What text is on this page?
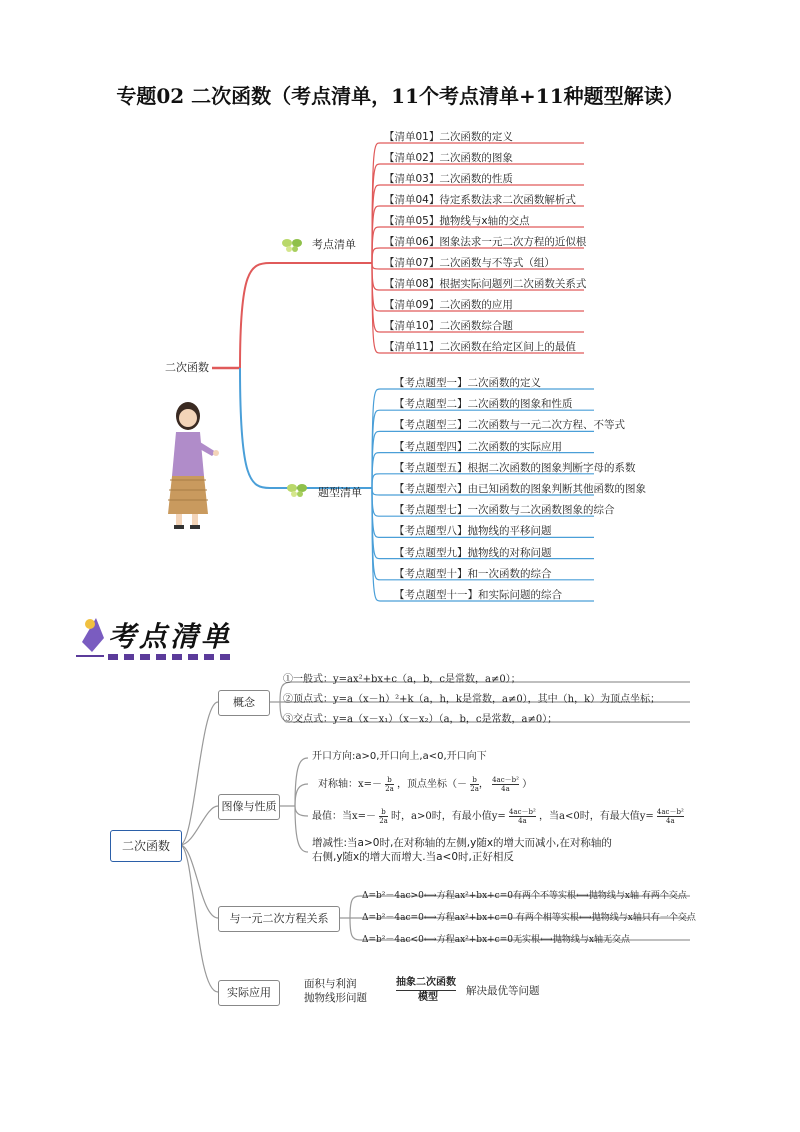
专题02 二次函数（考点清单，11个考点清单+11种题型解读）
二次函数
考点清单
题型清单
【清单01】二次函数的定义
【清单02】二次函数的图象
【清单03】二次函数的性质
【清单04】待定系数法求二次函数解析式
【清单05】抛物线与x轴的交点
【清单06】图象法求一元二次方程的近似根
【清单07】二次函数与不等式（组）
【清单08】根据实际问题列二次函数关系式
【清单09】二次函数的应用
【清单10】二次函数综合题
【清单11】二次函数在给定区间上的最值
【考点题型一】二次函数的定义
【考点题型二】二次函数的图象和性质
【考点题型三】二次函数与一元二次方程、不等式
【考点题型四】二次函数的实际应用
【考点题型五】根据二次函数的图象判断字母的系数
【考点题型六】由已知函数的图象判断其他函数的图象
【考点题型七】一次函数与二次函数图象的综合
【考点题型八】抛物线的平移问题
【考点题型九】抛物线的对称问题
【考点题型十】和一次函数的综合
【考点题型十一】和实际问题的综合
考点清单
二次函数
概念
图像与性质
与一元二次方程关系
实际应用
①一般式：y=ax²+bx+c（a，b，c是常数，a≠0）；
②顶点式：y=a（x－h）²+k（a，h，k是常数，a≠0），其中（h，k）为顶点坐标；
③交点式：y=a（x－x₁）（x－x₂）（a，b，c是常数，a≠0）；
开口方向:a>0,开口向上,a<0,开口向下
对称轴：$x=- \frac{b}{2a}$ ，顶点坐标（－ $\frac{b}{2a}$ ， $\frac{\text{4ac－b²}}{4a}$ ）
最值：当$x=- \frac{b}{2a}$ 时，a>0时，有最小值$y= \frac{\text{4ac－b²}}{4a}$ ，当a<0时，有最大值$y= \frac{\text{4ac－b²}}{4a}$
增减性:当a>0时,在对称轴的左侧,y随x的增大而减小,在对称轴的右侧,y随x的增大而增大.当a<0时,正好相反
Δ=b²－4ac>0⟷方程ax²+bx+c=0有两个不等实根⟷抛物线与x轴 有两个交点
Δ=b²－4ac=0⟷方程ax²+bx+c=0 有两个相等实根⟷抛物线与x轴只有一个交点
Δ=b²－4ac<0⟷方程ax²+bx+c=0无实根⟷抛物线与x轴无交点
面积与利润
抛物线形问题
抽象二次函数
模型
解决最优等问题
